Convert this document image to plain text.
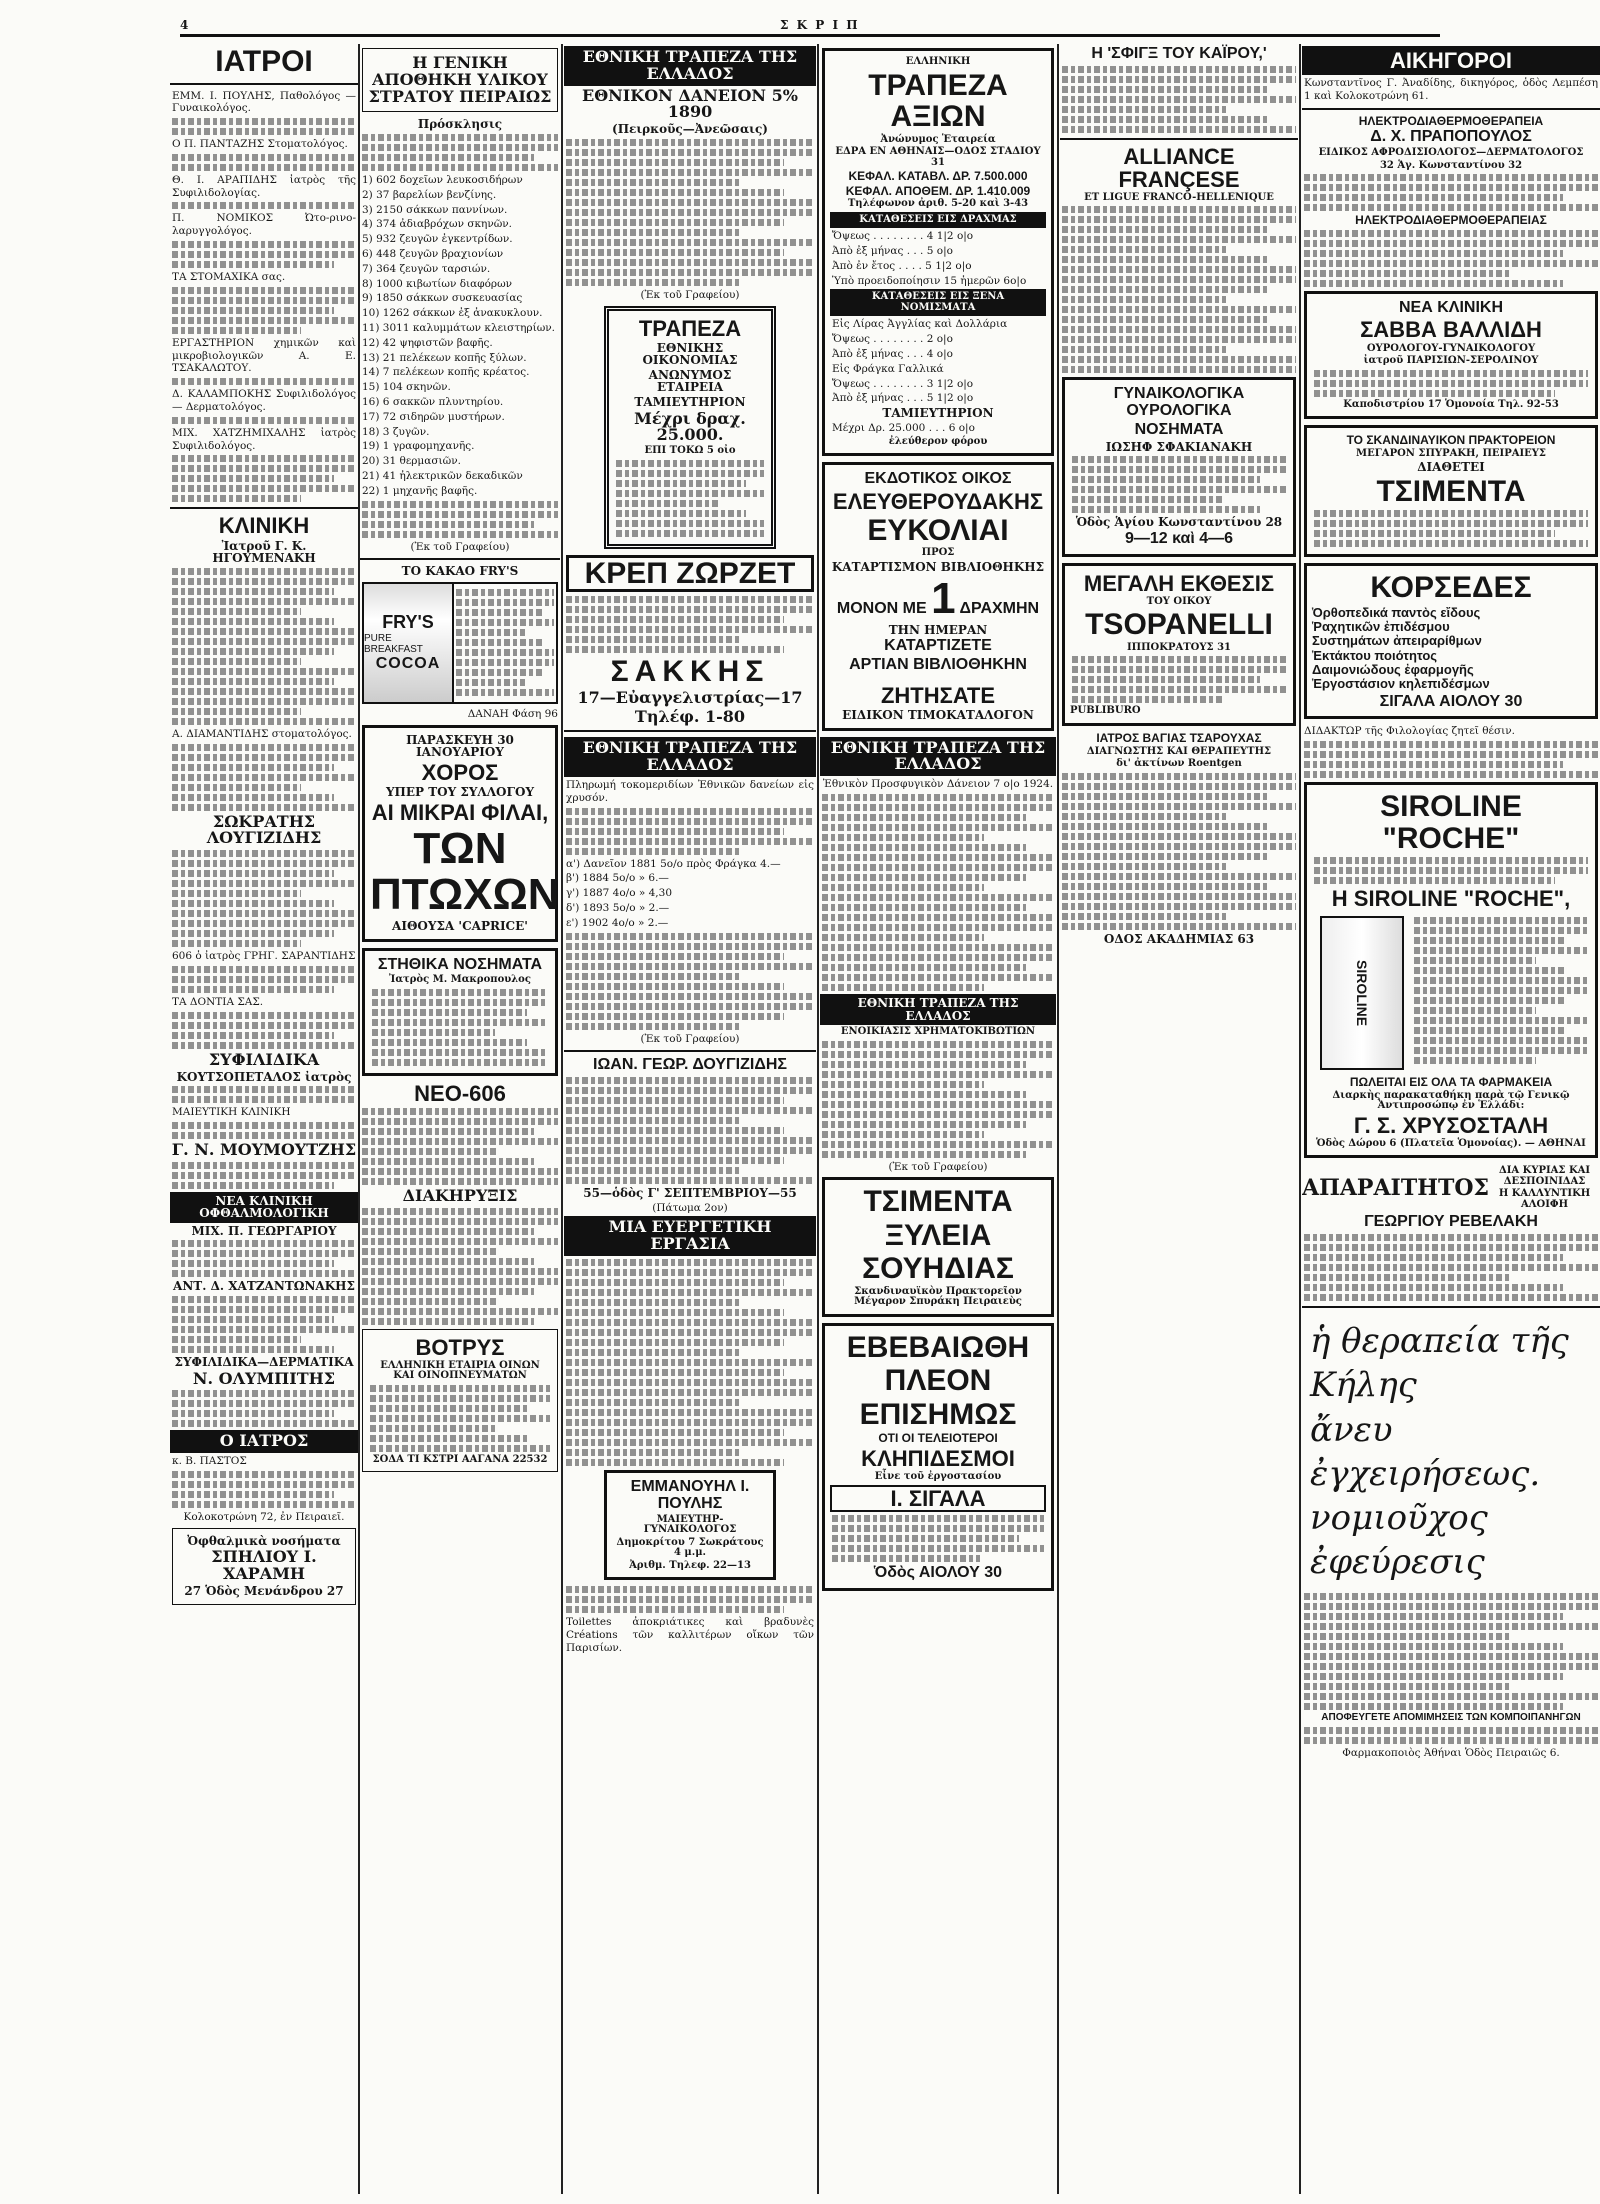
4	Σ Κ Ρ Ι Π
ΙΑΤΡΟΙ
ΕΜΜ. Ι. ΠΟΥΛΗΣ, Παθολόγος — Γυναικολόγος.
Ο Π. ΠΑΝΤΑΖΗΣ Στοματολόγος.
Θ. Ι. ΑΡΑΠΙΔΗΣ ἰατρὸς τῆς Συφιλιδολογίας.
Π. ΝΟΜΙΚΟΣ Ὠτο-ρινο-λαρυγγολόγος.
ΤΑ ΣΤΟΜΑΧΙΚΑ σας.
ΕΡΓΑΣΤΗΡΙΟΝ χημικῶν καὶ μικροβιολογικῶν Α. Ε. ΤΣΑΚΑΛΩΤΟΥ.
Δ. ΚΑΛΑΜΠΟΚΗΣ Συφιλιδολόγος — Δερματολόγος.
ΜΙΧ. ΧΑΤΖΗΜΙΧΑΛΗΣ ἰατρὸς Συφιλιδολόγος.
ΚΛΙΝΙΚΗ
Ἰατροῦ Γ. Κ. ΗΓΟΥΜΕΝΑΚΗ
Α. ΔΙΑΜΑΝΤΙΔΗΣ στοματολόγος.
ΣΩΚΡΑΤΗΣ ΛΟΥΓΙΖΙΔΗΣ
606 ὁ ἰατρὸς ΓΡΗΓ. ΣΑΡΑΝΤΙΔΗΣ
ΤΑ ΔΟΝΤΙΑ ΣΑΣ.
ΣΥΦΙΛΙΔΙΚΑ
ΚΟΥΤΣΟΠΕΤΑΛΟΣ ἰατρὸς
ΜΑΙΕΥΤΙΚΗ ΚΛΙΝΙΚΗ
Γ. Ν. ΜΟΥΜΟΥΤΖΗΣ
ΝΕΑ ΚΛΙΝΙΚΗ ΟΦΘΑΛΜΟΛΟΓΙΚΗ
ΜΙΧ. Π. ΓΕΩΡΓΑΡΙΟΥ
ΑΝΤ. Δ. ΧΑΤΖΑΝΤΩΝΑΚΗΣ
ΣΥΦΙΛΙΔΙΚΑ—ΔΕΡΜΑΤΙΚΑ
Ν. ΟΛΥΜΠΙΤΗΣ
Ο ΙΑΤΡΟΣ
κ. Β. ΠΑΣΤΟΣ
Κολοκοτρώνη 72, ἐν Πειραιεῖ.
Ὀφθαλμικὰ νοσήματα
ΣΠΗΛΙΟΥ Ι. ΧΑΡΑΜΗ
27 Ὁδὸς Μενάνδρου 27
Η ΓΕΝΙΚΗ ΑΠΟΘΗΚΗ ΥΛΙΚΟΥ ΣΤΡΑΤΟΥ ΠΕΙΡΑΙΩΣ
Πρόσκλησις
1) 602 δοχεῖων λευκοσιδήρων
2) 37 βαρελίων βενζίνης.
3) 2150 σάκκων παννίνων.
4) 374 ἀδιαβρόχων σκηνῶν.
5) 932 ζευγῶν ἐγκεντρίδων.
6) 448 ζευγῶν βραχιονίων
7) 364 ζευγῶν ταρσιών.
8) 1000 κιβωτίων διαφόρων
9) 1850 σάκκων συσκευασίας
10) 1262 σάκκων ἐξ ἀνακυκλουν.
11) 3011 καλυμμάτων κλειστηρίων.
12) 42 ψηφιστῶν βαφῆς.
13) 21 πελέκεων κοπῆς ξύλων.
14) 7 πελέκεων κοπῆς κρέατος.
15) 104 σκηνῶν.
16) 6 σακκῶν πλυντηρίου.
17) 72 σιδηρῶν μυστήρων.
18) 3 ζυγῶν.
19) 1 γραφομηχανῆς.
20) 31 θερμασιῶν.
21) 41 ἠλεκτρικῶν δεκαδικῶν
22) 1 μηχανῆς βαφῆς.
(Ἐκ τοῦ Γραφείου)
ΤΟ ΚΑΚΑΟ FRY'S
FRY'S
PURE BREAKFAST
COCOA
ΔΑΝΑΗ Φάση 96
ΠΑΡΑΣΚΕΥΗ 30 ΙΑΝΟΥΑΡΙΟΥ
ΧΟΡΟΣ
ΥΠΕΡ ΤΟΥ ΣΥΛΛΟΓΟΥ
ΑΙ ΜΙΚΡΑΙ ΦΙΛΑΙ,
ΤΩΝ ΠΤΩΧΩΝ
ΑΙΘΟΥΣΑ 'CAPRICE'
ΣΤΗΘΙΚΑ ΝΟΣΗΜΑΤΑ
Ἰατρὸς Μ. Μακροπουλος
ΝΕΟ-606
ΔΙΑΚΗΡΥΞΙΣ
ΒΟΤΡΥΣ
ΕΛΛΗΝΙΚΗ ΕΤΑΙΡΙΑ ΟΙΝΩΝ ΚΑΙ ΟΙΝΟΠΝΕΥΜΑΤΩΝ
ΣΟΔΑ ΤΙ ΚΣΤΡΙ ΑΑΓΑΝΑ 22532
ΕΘΝΙΚΗ ΤΡΑΠΕΖΑ ΤΗΣ ΕΛΛΑΔΟΣ
ΕΘΝΙΚΟΝ ΔΑΝΕΙΟΝ 5% 1890
(Πειρκοῦς—Ἀνεῶσαις)
(Ἐκ τοῦ Γραφείου)
ΤΡΑΠΕΖΑ
ΕΘΝΙΚΗΣ ΟΙΚΟΝΟΜΙΑΣ
ΑΝΩΝΥΜΟΣ ΕΤΑΙΡΕΙΑ
ΤΑΜΙΕΥΤΗΡΙΟΝ
Μέχρι δραχ. 25.000.
ΕΠΙ ΤΟΚΩ 5 οἰο
ΚΡΕΠ ΖΩΡΖΕΤ
ΣΑΚΚΗΣ
17—Εὐαγγελιστρίας—17
Τηλέφ. 1-80
ΕΘΝΙΚΗ ΤΡΑΠΕΖΑ ΤΗΣ ΕΛΛΑΔΟΣ
Πληρωμή τοκομεριδίων Ἐθνικῶν δανείων εἰς χρυσόν.
α') Δανεῖον 1881 5ο/ο πρὸς Φράγκα 4.—
β') 1884 5ο/ο » 6.—
γ') 1887 4ο/ο » 4,30
δ') 1893 5ο/ο » 2.—
ε') 1902 4ο/ο » 2.—
(Ἐκ τοῦ Γραφείου)
ΙΩΑΝ. ΓΕΩΡ. ΔΟΥΓΙΖΙΔΗΣ
55—ὁδὸς Γ' ΣΕΠΤΕΜΒΡΙΟΥ—55
(Πάτωμα 2ον)
ΜΙΑ ΕΥΕΡΓΕΤΙΚΗ ΕΡΓΑΣΙΑ
ΕΜΜΑΝΟΥΗΛ Ι. ΠΟΥΛΗΣ
ΜΑΙΕΥΤΗΡ-ΓΥΝΑΙΚΟΛΟΓΟΣ
Δημοκρίτου 7 Σωκράτους 4 μ.μ.
Ἀριθμ. Τηλεφ. 22—13
Toilettes ἀποκριάτικες καὶ βραδυνὲς Créations τῶν καλλιτέρων οἴκων τῶν Παρισίων.
ΕΛΛΗΝΙΚΗ
ΤΡΑΠΕΖΑ ΑΞΙΩΝ
Ἀνώνυμος Ἑταιρεία
ΕΔΡΑ ΕΝ ΑΘΗΝΑΙΣ—ΟΔΟΣ ΣΤΑΔΙΟΥ 31
ΚΕΦΑΛ. ΚΑΤΑΒΛ. ΔΡ. 7.500.000
ΚΕΦΑΛ. ΑΠΟΘΕΜ. ΔΡ. 1.410.009
Τηλέφωνον ἀριθ. 5-20 καὶ 3-43
ΚΑΤΑΘΕΣΕΙΣ ΕΙΣ ΔΡΑΧΜΑΣ
Ὄψεως . . . . . . . . 4 1|2 ο|ο
Ἀπὸ ἐξ μήνας . . . 5 ο|ο
Ἀπὸ ἐν ἔτος . . . . 5 1|2 ο|ο
Ὑπὸ προειδοποίησιν 15 ἡμερῶν 6ο|ο
ΚΑΤΑΘΕΣΕΙΣ ΕΙΣ ΞΕΝΑ ΝΟΜΙΣΜΑΤΑ
Εἰς Λίρας Ἀγγλίας καὶ Δολλάρια
Ὄψεως . . . . . . . . 2 ο|ο
Ἀπὸ ἐξ μήνας . . . 4 ο|ο
Εἰς Φράγκα Γαλλικά
Ὄψεως . . . . . . . . 3 1|2 ο|ο
Ἀπὸ ἐξ μήνας . . . 5 1|2 ο|ο
ΤΑΜΙΕΥΤΗΡΙΟΝ
Μέχρι Δρ. 25.000 . . . 6 ο|ο
ἐλεύθερον φόρου
ΕΚΔΟΤΙΚΟΣ ΟΙΚΟΣ
ΕΛΕΥΘΕΡΟΥΔΑΚΗΣ
ΕΥΚΟΛΙΑΙ
ΠΡΟΣ
ΚΑΤΑΡΤΙΣΜΟΝ ΒΙΒΛΙΟΘΗΚΗΣ
ΜΟΝΟΝ ΜΕ 1 ΔΡΑΧΜΗΝ
ΤΗΝ ΗΜΕΡΑΝ
ΚΑΤΑΡΤΙΖΕΤΕ
ΑΡΤΙΑΝ ΒΙΒΛΙΟΘΗΚΗΝ
ΖΗΤΗΣΑΤΕ
ΕΙΔΙΚΟΝ ΤΙΜΟΚΑΤΑΛΟΓΟΝ
ΕΘΝΙΚΗ ΤΡΑΠΕΖΑ ΤΗΣ ΕΛΛΑΔΟΣ
Ἐθνικὸν Προσφυγικὸν Δάνειον 7 ο|ο 1924.
ΕΘΝΙΚΗ ΤΡΑΠΕΖΑ ΤΗΣ ΕΛΛΑΔΟΣ
ΕΝΟΙΚΙΑΣΙΣ ΧΡΗΜΑΤΟΚΙΒΩΤΙΩΝ
(Ἐκ τοῦ Γραφείου)
ΤΣΙΜΕΝΤΑ
ΞΥΛΕΙΑ
ΣΟΥΗΔΙΑΣ
Σκανδιναυϊκὸν Πρακτορεῖον Μέγαρον Σπυράκη Πειραιεὺς
ΕΒΕΒΑΙΩΘΗ
ΠΛΕΟΝ
ΕΠΙΣΗΜΩΣ
ΟΤΙ ΟΙ ΤΕΛΕΙΟΤΕΡΟΙ
ΚΛΗΠΙΔΕΣΜΟΙ
Εἶνε τοῦ ἐργοστασίου
Ι. ΣΙΓΑΛΑ
Ὁδὸς ΑΙΟΛΟΥ 30
Η 'ΣΦΙΓΞ ΤΟΥ ΚΑΪΡΟΥ,'
ALLIANCE FRANÇESE
ET LIGUE FRANCO-HELLENIQUE
ΓΥΝΑΙΚΟΛΟΓΙΚΑ ΟΥΡΟΛΟΓΙΚΑ
ΝΟΣΗΜΑΤΑ
ΙΩΣΗΦ ΣΦΑΚΙΑΝΑΚΗ
Ὁδὸς Ἁγίου Κωνσταντίνου 28
9—12 καὶ 4—6
ΜΕΓΑΛΗ ΕΚΘΕΣΙΣ
ΤΟΥ ΟΙΚΟΥ
TSOPANELLI
ΙΠΠΟΚΡΑΤΟΥΣ 31
PUBLIBURO
ΙΑΤΡΟΣ ΒΑΓΙΑΣ ΤΣΑΡΟΥΧΑΣ
ΔΙΑΓΝΩΣΤΗΣ ΚΑΙ ΘΕΡΑΠΕΥΤΗΣ
δι' ἀκτίνων Roentgen
ΟΔΟΣ ΑΚΑΔΗΜΙΑΣ 63
ΑΙΚΗΓΟΡΟΙ
Κωνσταντῖνος Γ. Ἀναδίδης, δικηγόρος, ὁδὸς Λεμπέση 1 καὶ Κολοκοτρώνη 61.
ΗΛΕΚΤΡΟΔΙΑΘΕΡΜΟΘΕΡΑΠΕΙΑ
Δ. Χ. ΠΡΑΠΟΠΟΥΛΟΣ
ΕΙΔΙΚΟΣ ΑΦΡΟΔΙΣΙΟΛΟΓΟΣ—ΔΕΡΜΑΤΟΛΟΓΟΣ
32 Ἁγ. Κωνσταντίνου 32
ΗΛΕΚΤΡΟΔΙΑΘΕΡΜΟΘΕΡΑΠΕΙΑΣ
ΝΕΑ ΚΛΙΝΙΚΗ
ΣΑΒΒΑ ΒΑΛΛΙΔΗ
ΟΥΡΟΛΟΓΟΥ-ΓΥΝΑΙΚΟΛΟΓΟΥ
ἰατροῦ ΠΑΡΙΣΙΩΝ-ΣΕΡΟΛΙΝΟΥ
Καποδιστρίου 17 Ὁμονοία Τηλ. 92-53
ΤΟ ΣΚΑΝΔΙΝΑΥΙΚΟΝ ΠΡΑΚΤΟΡΕΙΟΝ
ΜΕΓΑΡΟΝ ΣΠΥΡΑΚΗ, ΠΕΙΡΑΙΕΥΣ
ΔΙΑΘΕΤΕΙ
ΤΣΙΜΕΝΤΑ
ΚΟΡΣΕΔΕΣ
Ὀρθοπεδικά παντὸς εἴδους
Ῥαχητικῶν ἐπιδέσμου
Συστημάτων ἀπειραρίθμων
Ἐκτάκτου ποιότητος
Δαιμονιώδους ἐφαρμογῆς
Ἐργοστάσιον κηλεπιδέσμων
ΣΙΓΑΛΑ ΑΙΟΛΟΥ 30
ΔΙΔΑΚΤΩΡ τῆς Φιλολογίας ζητεῖ θέσιν.
SIROLINE "ROCHE"
Η SIROLINE "ROCHE",
SIROLINE
ΠΩΛΕΙΤΑΙ ΕΙΣ ΟΛΑ ΤΑ ΦΑΡΜΑΚΕΙΑ
Διαρκὴς παρακαταθήκη παρὰ τῷ Γενικῷ Ἀντιπροσώπῳ ἐν Ἑλλάδι:
Γ. Σ. ΧΡΥΣΟΣΤΑΛΗ
Ὁδὸς Δώρου 6 (Πλατεῖα Ὁμονοίας). — ΑΘΗΝΑΙ
ΑΠΑΡΑΙΤΗΤΟΣ
ΔΙΑ ΚΥΡΙΑΣ ΚΑΙ ΔΕΣΠΟΙΝΙΔΑΣ
Η ΚΑΛΛΥΝΤΙΚΗ ΑΛΟΙΦΗ
ΓΕΩΡΓΙΟΥ ΡΕΒΕΛΑΚΗ
ἡ θεραπεία τῆς Κήλης
ἄνευ ἐγχειρήσεως.
νομιοῦχος ἐφεύρεσις
ΑΠΟΦΕΥΓΕΤΕ ΑΠΟΜΙΜΗΣΕΙΣ ΤΩΝ ΚΟΜΠΟΙΠΑΝΗΓΩΝ
Φαρμακοποιὸς Ἀθήναι Ὁδὸς Πειραιῶς 6.
